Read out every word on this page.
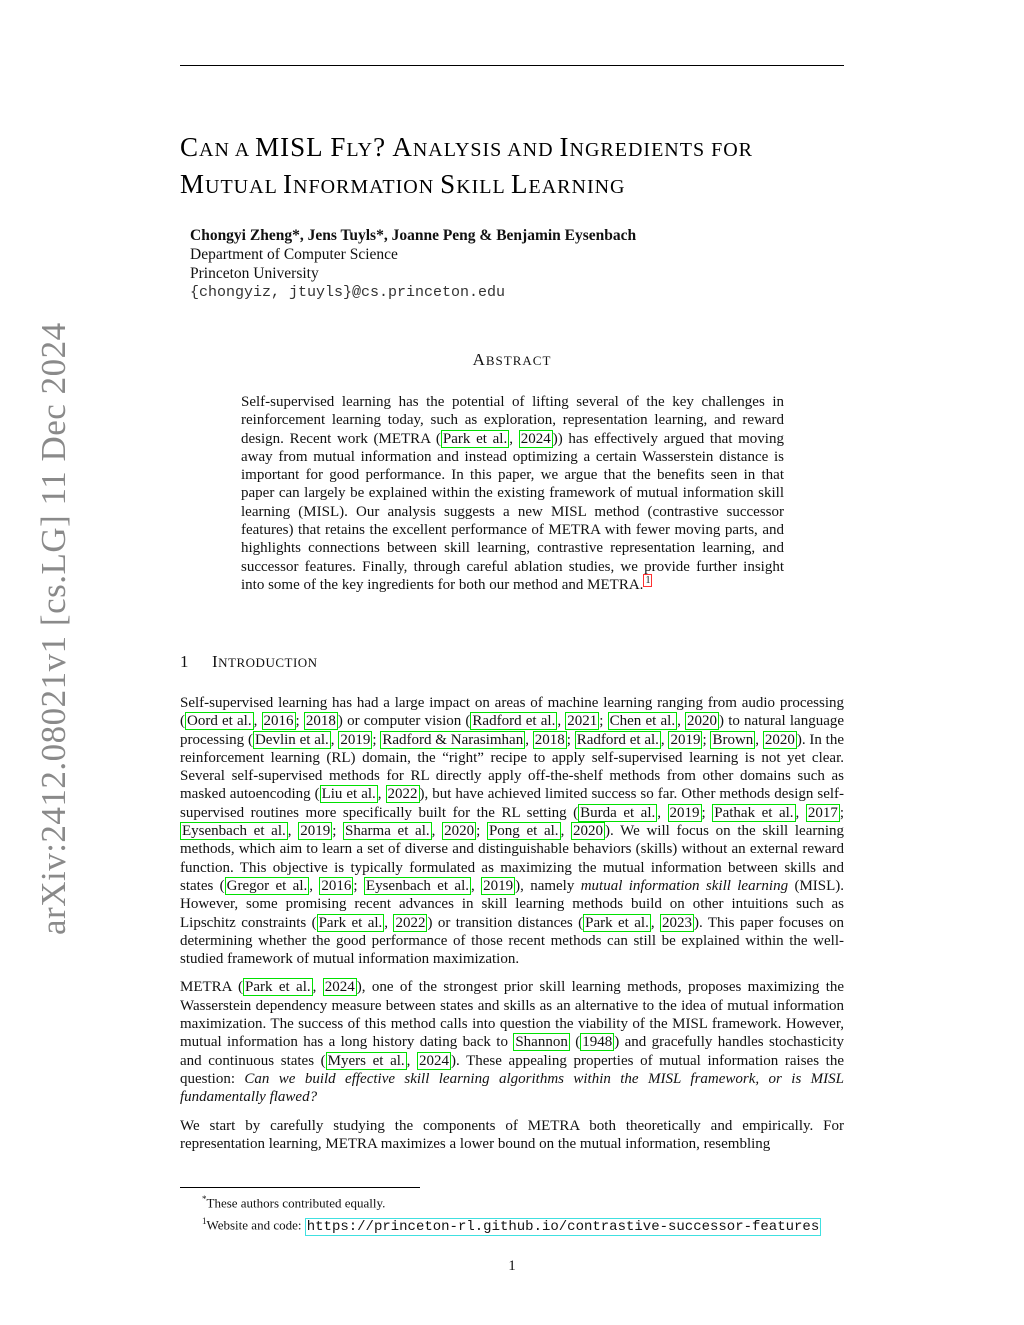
arXiv:2412.08021v1 [cs.LG] 11 Dec 2024
CAN A MISL FLY? ANALYSIS AND INGREDIENTS FOR
MUTUAL INFORMATION SKILL LEARNING
Chongyi Zheng*, Jens Tuyls*, Joanne Peng & Benjamin Eysenbach
Department of Computer Science
Princeton University
{chongyiz, jtuyls}@cs.princeton.edu
ABSTRACT
Self-supervised learning has the potential of lifting several of the key challenges in reinforcement learning today, such as exploration, representation learning, and reward design. Recent work (METRA ( Park et al. , 2024 )) has effectively argued that moving away from mutual information and instead optimizing a certain Wasserstein distance is important for good performance. In this paper, we argue that the benefits seen in that paper can largely be explained within the existing framework of mutual information skill learning (MISL). Our analysis suggests a new MISL method (contrastive successor features) that retains the excellent performance of METRA with fewer moving parts, and highlights connections between skill learning, contrastive representation learning, and successor features. Finally, through careful ablation studies, we provide further insight into some of the key ingredients for both our method and METRA. $^1$
1 INTRODUCTION

Self-supervised learning has had a large impact on areas of machine learning ranging from audio processing ( Oord et al. , 2016 ; 2018 ) or computer vision ( Radford et al. , 2021 ; Chen et al. , 2020 ) to natural language processing ( Devlin et al. , 2019 ; Radford & Narasimhan , 2018 ; Radford et al. , 2019 ; Brown , 2020 ). In the reinforcement learning (RL) domain, the “right” recipe to apply self-supervised learning is not yet clear. Several self-supervised methods for RL directly apply off-the-shelf methods from other domains such as masked autoencoding ( Liu et al. , 2022 ), but have achieved limited success so far. Other methods design self-supervised routines more specifically built for the RL setting ( Burda et al. , 2019 ; Pathak et al. , 2017 ; Eysenbach et al. , 2019 ; Sharma et al. , 2020 ; Pong et al. , 2020 ). We will focus on the skill learning methods, which aim to learn a set of diverse and distinguishable behaviors (skills) without an external reward function. This objective is typically formulated as maximizing the mutual information between skills and states ( Gregor et al. , 2016 ; Eysenbach et al. , 2019 ), namely mutual information skill learning (MISL). However, some promising recent advances in skill learning methods build on other intuitions such as Lipschitz constraints ( Park et al. , 2022 ) or transition distances ( Park et al. , 2023 ). This paper focuses on determining whether the good performance of those recent methods can still be explained within the well-studied framework of mutual information maximization.

METRA ( Park et al. , 2024 ), one of the strongest prior skill learning methods, proposes maximizing the Wasserstein dependency measure between states and skills as an alternative to the idea of mutual information maximization. The success of this method calls into question the viability of the MISL framework. However, mutual information has a long history dating back to Shannon ( 1948 ) and gracefully handles stochasticity and continuous states ( Myers et al. , 2024 ). These appealing properties of mutual information raises the question: Can we build effective skill learning algorithms within the MISL framework, or is MISL fundamentally flawed?

We start by carefully studying the components of METRA both theoretically and empirically. For representation learning, METRA maximizes a lower bound on the mutual information, resembling

*These authors contributed equally.
$^1$Website and code: https://princeton-rl.github.io/contrastive-successor-features
1
